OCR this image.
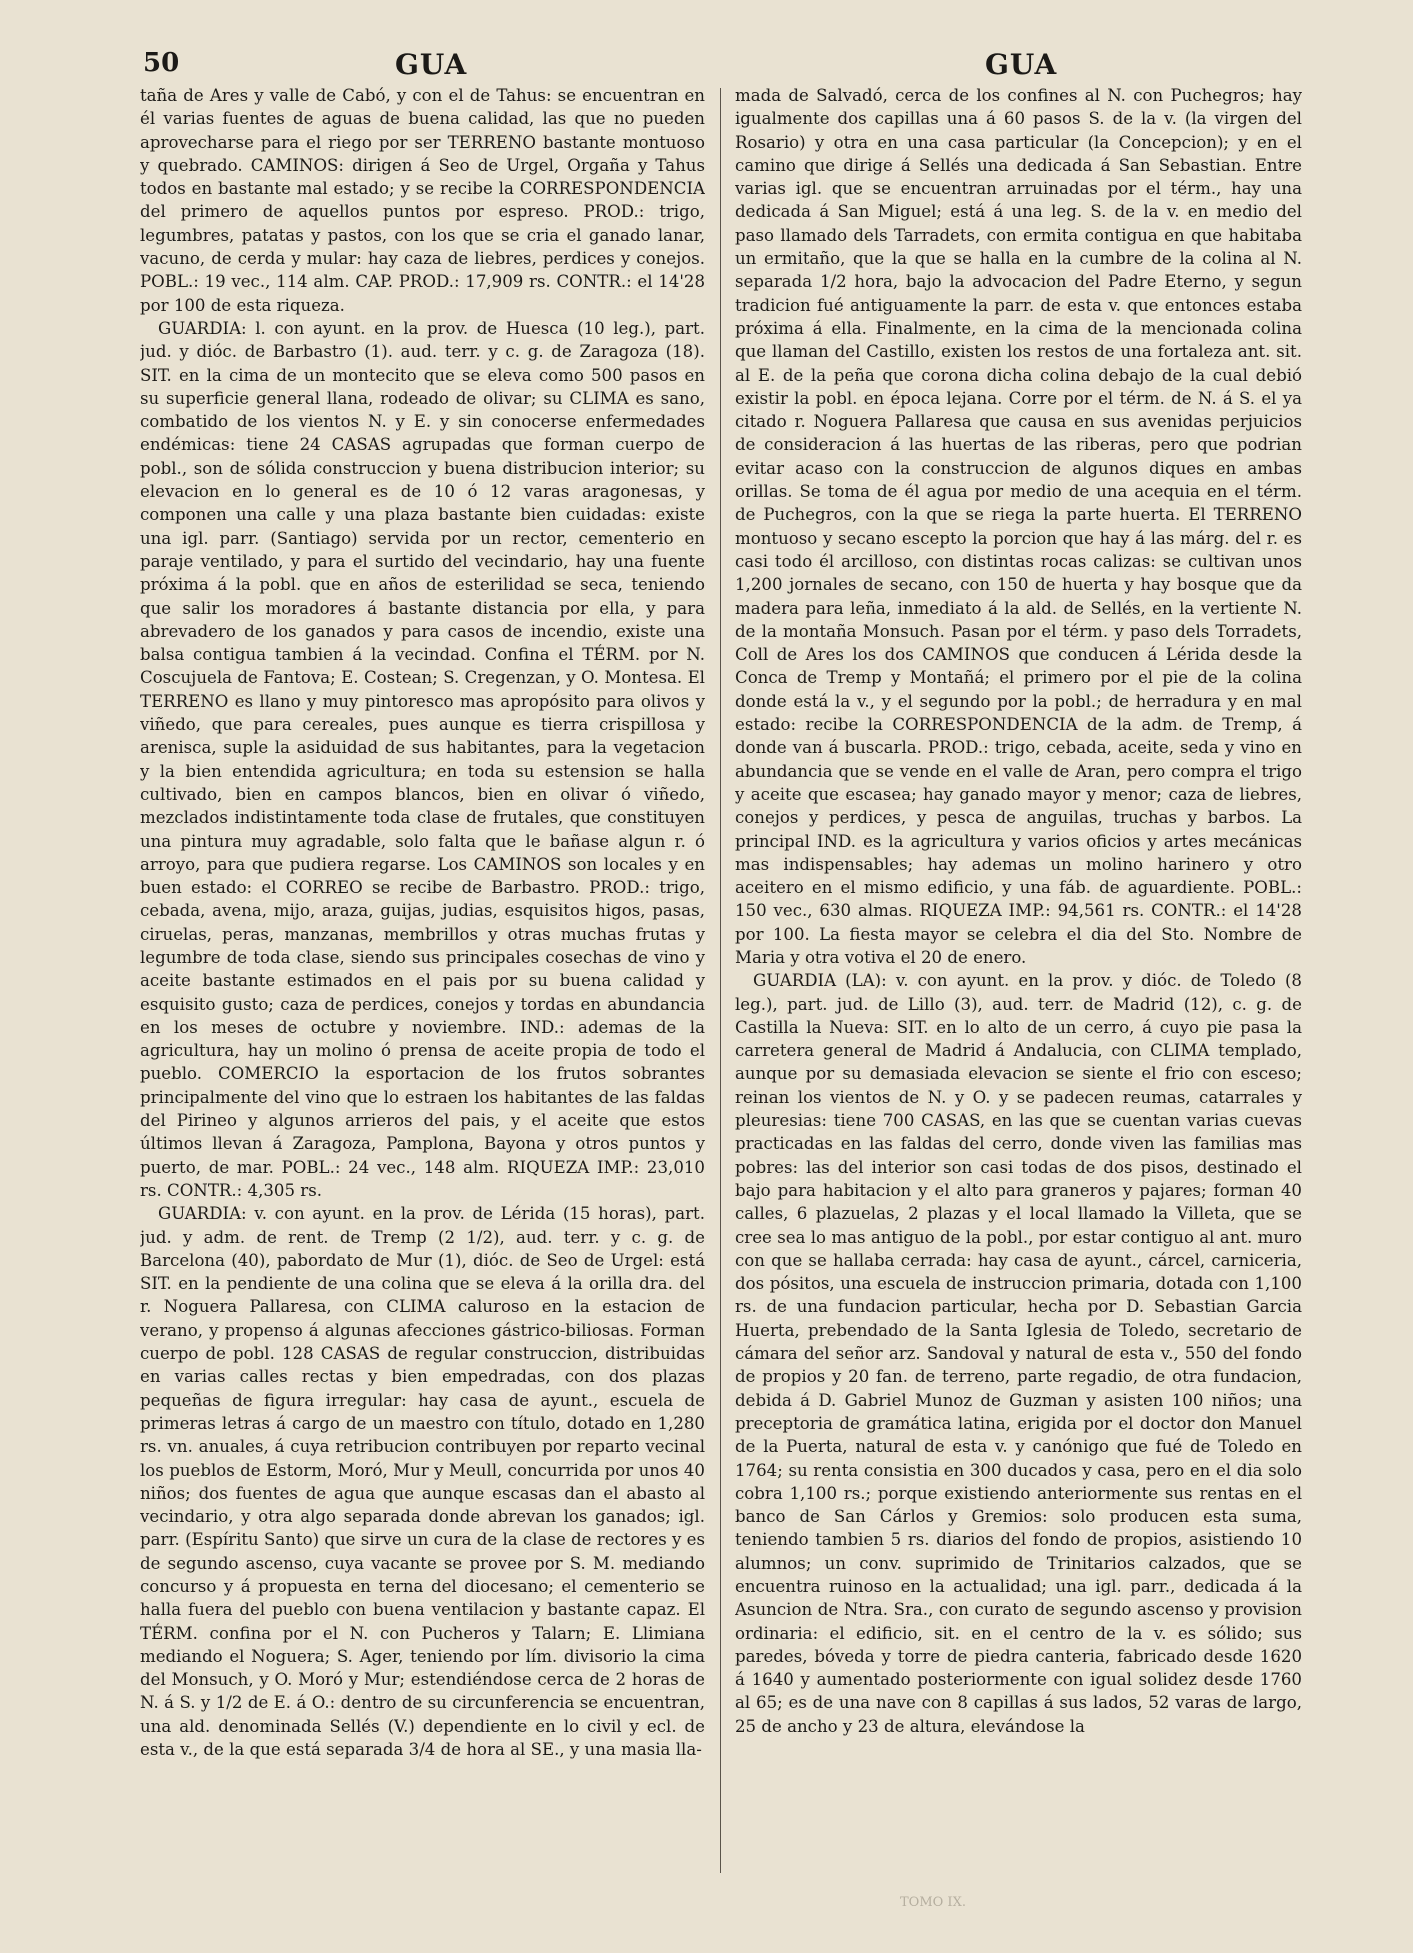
50	GUA	GUA

taña de Ares y valle de Cabó, y con el de Tahus: se encuentran en él varias fuentes de aguas de buena calidad, las que no pueden aprovecharse para el riego por ser TERRENO bastante montuoso y quebrado. CAMINOS: dirigen á Seo de Urgel, Orgaña y Tahus todos en bastante mal estado; y se recibe la CORRESPONDENCIA del primero de aquellos puntos por espreso. PROD.: trigo, legumbres, patatas y pastos, con los que se cria el ganado lanar, vacuno, de cerda y mular: hay caza de liebres, perdices y conejos. POBL.: 19 vec., 114 alm. CAP. PROD.: 17,909 rs. CONTR.: el 14'28 por 100 de esta riqueza.

GUARDIA: l. con ayunt. en la prov. de Huesca (10 leg.), part. jud. y dióc. de Barbastro (1). aud. terr. y c. g. de Zaragoza (18). SIT. en la cima de un montecito que se eleva como 500 pasos en su superficie general llana, rodeado de olivar; su CLIMA es sano, combatido de los vientos N. y E. y sin conocerse enfermedades endémicas: tiene 24 CASAS agrupadas que forman cuerpo de pobl., son de sólida construccion y buena distribucion interior; su elevacion en lo general es de 10 ó 12 varas aragonesas, y componen una calle y una plaza bastante bien cuidadas: existe una igl. parr. (Santiago) servida por un rector, cementerio en paraje ventilado, y para el surtido del vecindario, hay una fuente próxima á la pobl. que en años de esterilidad se seca, teniendo que salir los moradores á bastante distancia por ella, y para abrevadero de los ganados y para casos de incendio, existe una balsa contigua tambien á la vecindad. Confina el TÉRM. por N. Coscujuela de Fantova; E. Costean; S. Cregenzan, y O. Montesa. El TERRENO es llano y muy pintoresco mas apropósito para olivos y viñedo, que para cereales, pues aunque es tierra crispillosa y arenisca, suple la asiduidad de sus habitantes, para la vegetacion y la bien entendida agricultura; en toda su estension se halla cultivado, bien en campos blancos, bien en olivar ó viñedo, mezclados indistintamente toda clase de frutales, que constituyen una pintura muy agradable, solo falta que le bañase algun r. ó arroyo, para que pudiera regarse. Los CAMINOS son locales y en buen estado: el CORREO se recibe de Barbastro. PROD.: trigo, cebada, avena, mijo, araza, guijas, judias, esquisitos higos, pasas, ciruelas, peras, manzanas, membrillos y otras muchas frutas y legumbre de toda clase, siendo sus principales cosechas de vino y aceite bastante estimados en el pais por su buena calidad y esquisito gusto; caza de perdices, conejos y tordas en abundancia en los meses de octubre y noviembre. IND.: ademas de la agricultura, hay un molino ó prensa de aceite propia de todo el pueblo. COMERCIO la esportacion de los frutos sobrantes principalmente del vino que lo estraen los habitantes de las faldas del Pirineo y algunos arrieros del pais, y el aceite que estos últimos llevan á Zaragoza, Pamplona, Bayona y otros puntos y puerto, de mar. POBL.: 24 vec., 148 alm. RIQUEZA IMP.: 23,010 rs. CONTR.: 4,305 rs.

GUARDIA: v. con ayunt. en la prov. de Lérida (15 horas), part. jud. y adm. de rent. de Tremp (2 1/2), aud. terr. y c. g. de Barcelona (40), pabordato de Mur (1), dióc. de Seo de Urgel: está SIT. en la pendiente de una colina que se eleva á la orilla dra. del r. Noguera Pallaresa, con CLIMA caluroso en la estacion de verano, y propenso á algunas afecciones gástrico-biliosas. Forman cuerpo de pobl. 128 CASAS de regular construccion, distribuidas en varias calles rectas y bien empedradas, con dos plazas pequeñas de figura irregular: hay casa de ayunt., escuela de primeras letras á cargo de un maestro con título, dotado en 1,280 rs. vn. anuales, á cuya retribucion contribuyen por reparto vecinal los pueblos de Estorm, Moró, Mur y Meull, concurrida por unos 40 niños; dos fuentes de agua que aunque escasas dan el abasto al vecindario, y otra algo separada donde abrevan los ganados; igl. parr. (Espíritu Santo) que sirve un cura de la clase de rectores y es de segundo ascenso, cuya vacante se provee por S. M. mediando concurso y á propuesta en terna del diocesano; el cementerio se halla fuera del pueblo con buena ventilacion y bastante capaz. El TÉRM. confina por el N. con Pucheros y Talarn; E. Llimiana mediando el Noguera; S. Ager, teniendo por lím. divisorio la cima del Monsuch, y O. Moró y Mur; estendiéndose cerca de 2 horas de N. á S. y 1/2 de E. á O.: dentro de su circunferencia se encuentran, una ald. denominada Sellés (V.) dependiente en lo civil y ecl. de esta v., de la que está separada 3/4 de hora al SE., y una masia lla-

mada de Salvadó, cerca de los confines al N. con Puchegros; hay igualmente dos capillas una á 60 pasos S. de la v. (la virgen del Rosario) y otra en una casa particular (la Concepcion); y en el camino que dirige á Sellés una dedicada á San Sebastian. Entre varias igl. que se encuentran arruinadas por el térm., hay una dedicada á San Miguel; está á una leg. S. de la v. en medio del paso llamado dels Tarradets, con ermita contigua en que habitaba un ermitaño, que la que se halla en la cumbre de la colina al N. separada 1/2 hora, bajo la advocacion del Padre Eterno, y segun tradicion fué antiguamente la parr. de esta v. que entonces estaba próxima á ella. Finalmente, en la cima de la mencionada colina que llaman del Castillo, existen los restos de una fortaleza ant. sit. al E. de la peña que corona dicha colina debajo de la cual debió existir la pobl. en época lejana. Corre por el térm. de N. á S. el ya citado r. Noguera Pallaresa que causa en sus avenidas perjuicios de consideracion á las huertas de las riberas, pero que podrian evitar acaso con la construccion de algunos diques en ambas orillas. Se toma de él agua por medio de una acequia en el térm. de Puchegros, con la que se riega la parte huerta. El TERRENO montuoso y secano escepto la porcion que hay á las márg. del r. es casi todo él arcilloso, con distintas rocas calizas: se cultivan unos 1,200 jornales de secano, con 150 de huerta y hay bosque que da madera para leña, inmediato á la ald. de Sellés, en la vertiente N. de la montaña Monsuch. Pasan por el térm. y paso dels Torradets, Coll de Ares los dos CAMINOS que conducen á Lérida desde la Conca de Tremp y Montañá; el primero por el pie de la colina donde está la v., y el segundo por la pobl.; de herradura y en mal estado: recibe la CORRESPONDENCIA de la adm. de Tremp, á donde van á buscarla. PROD.: trigo, cebada, aceite, seda y vino en abundancia que se vende en el valle de Aran, pero compra el trigo y aceite que escasea; hay ganado mayor y menor; caza de liebres, conejos y perdices, y pesca de anguilas, truchas y barbos. La principal IND. es la agricultura y varios oficios y artes mecánicas mas indispensables; hay ademas un molino harinero y otro aceitero en el mismo edificio, y una fáb. de aguardiente. POBL.: 150 vec., 630 almas. RIQUEZA IMP.: 94,561 rs. CONTR.: el 14'28 por 100. La fiesta mayor se celebra el dia del Sto. Nombre de Maria y otra votiva el 20 de enero.

GUARDIA (LA): v. con ayunt. en la prov. y dióc. de Toledo (8 leg.), part. jud. de Lillo (3), aud. terr. de Madrid (12), c. g. de Castilla la Nueva: SIT. en lo alto de un cerro, á cuyo pie pasa la carretera general de Madrid á Andalucia, con CLIMA templado, aunque por su demasiada elevacion se siente el frio con esceso; reinan los vientos de N. y O. y se padecen reumas, catarrales y pleuresias: tiene 700 CASAS, en las que se cuentan varias cuevas practicadas en las faldas del cerro, donde viven las familias mas pobres: las del interior son casi todas de dos pisos, destinado el bajo para habitacion y el alto para graneros y pajares; forman 40 calles, 6 plazuelas, 2 plazas y el local llamado la Villeta, que se cree sea lo mas antiguo de la pobl., por estar contiguo al ant. muro con que se hallaba cerrada: hay casa de ayunt., cárcel, carniceria, dos pósitos, una escuela de instruccion primaria, dotada con 1,100 rs. de una fundacion particular, hecha por D. Sebastian Garcia Huerta, prebendado de la Santa Iglesia de Toledo, secretario de cámara del señor arz. Sandoval y natural de esta v., 550 del fondo de propios y 20 fan. de terreno, parte regadio, de otra fundacion, debida á D. Gabriel Munoz de Guzman y asisten 100 niños; una preceptoria de gramática latina, erigida por el doctor don Manuel de la Puerta, natural de esta v. y canónigo que fué de Toledo en 1764; su renta consistia en 300 ducados y casa, pero en el dia solo cobra 1,100 rs.; porque existiendo anteriormente sus rentas en el banco de San Cárlos y Gremios: solo producen esta suma, teniendo tambien 5 rs. diarios del fondo de propios, asistiendo 10 alumnos; un conv. suprimido de Trinitarios calzados, que se encuentra ruinoso en la actualidad; una igl. parr., dedicada á la Asuncion de Ntra. Sra., con curato de segundo ascenso y provision ordinaria: el edificio, sit. en el centro de la v. es sólido; sus paredes, bóveda y torre de piedra canteria, fabricado desde 1620 á 1640 y aumentado posteriormente con igual solidez desde 1760 al 65; es de una nave con 8 capillas á sus lados, 52 varas de largo, 25 de ancho y 23 de altura, elevándose la

TOMO IX.
